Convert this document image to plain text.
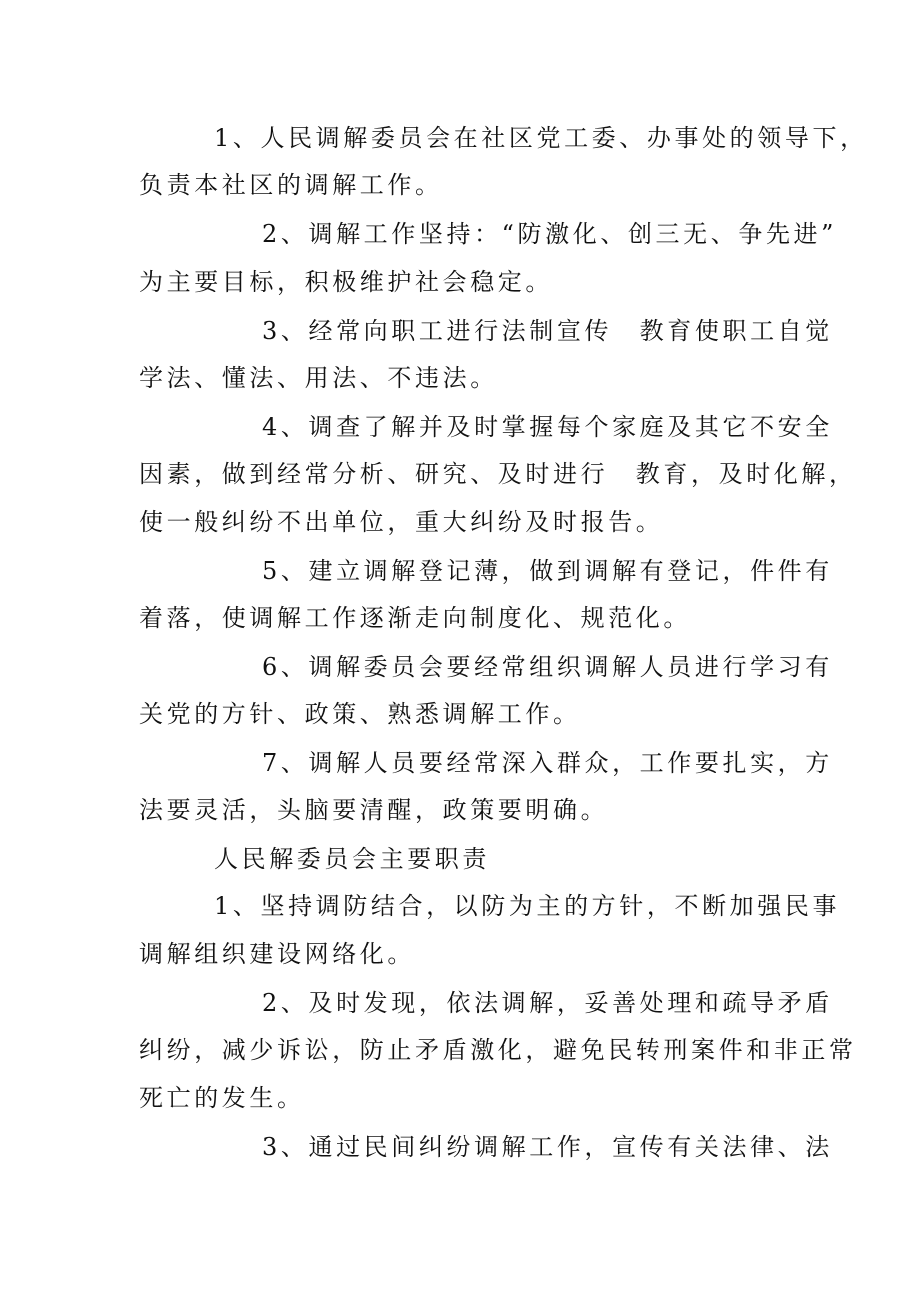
1、人民调解委员会在社区党工委、办事处的领导下，
负责本社区的调解工作。
2、调解工作坚持：“防激化、创三无、争先进”
为主要目标，积极维护社会稳定。
3、经常向职工进行法制宣传　教育使职工自觉
学法、懂法、用法、不违法。
4、调查了解并及时掌握每个家庭及其它不安全
因素，做到经常分析、研究、及时进行　教育，及时化解，
使一般纠纷不出单位，重大纠纷及时报告。
5、建立调解登记薄，做到调解有登记，件件有
着落，使调解工作逐渐走向制度化、规范化。
6、调解委员会要经常组织调解人员进行学习有
关党的方针、政策、熟悉调解工作。
7、调解人员要经常深入群众，工作要扎实，方
法要灵活，头脑要清醒，政策要明确。
人民解委员会主要职责
1、坚持调防结合，以防为主的方针，不断加强民事
调解组织建设网络化。
2、及时发现，依法调解，妥善处理和疏导矛盾
纠纷，减少诉讼，防止矛盾激化，避免民转刑案件和非正常
死亡的发生。
3、通过民间纠纷调解工作，宣传有关法律、法
